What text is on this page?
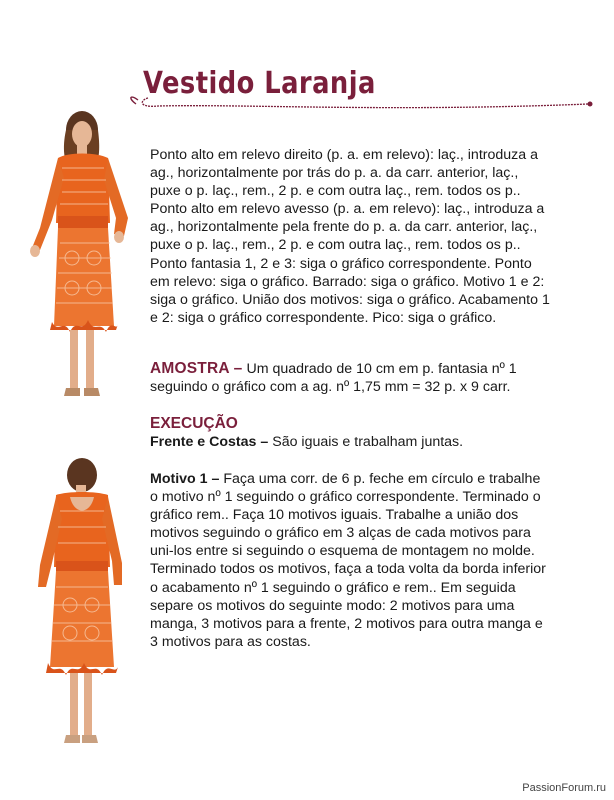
Vestido Laranja
Ponto alto em relevo direito (p. a. em relevo): laç., introduza a ag., horizontalmente por trás do p. a. da carr. anterior, laç., puxe o p. laç., rem., 2 p. e com outra laç., rem. todos os p.. Ponto alto em relevo avesso (p. a. em relevo): laç., introduza a ag., horizontalmente pela frente do p. a. da carr. anterior, laç., puxe o p. laç., rem., 2 p. e com outra laç., rem. todos os p.. Ponto fantasia 1, 2 e 3: siga o gráfico correspondente. Ponto em relevo: siga o gráfico. Barrado: siga o gráfico. Motivo 1 e 2: siga o gráfico. União dos motivos: siga o gráfico. Acabamento 1 e 2: siga o gráfico correspondente. Pico: siga o gráfico.
AMOSTRA – Um quadrado de 10 cm em p. fantasia nº 1 seguindo o gráfico com a ag. nº 1,75 mm = 32 p. x 9 carr.
EXECUÇÃO
Frente e Costas – São iguais e trabalham juntas.
Motivo 1 – Faça uma corr. de 6 p. feche em círculo e trabalhe o motivo nº 1 seguindo o gráfico correspondente. Terminado o gráfico rem.. Faça 10 motivos iguais. Trabalhe a união dos motivos seguindo o gráfico em 3 alças de cada motivos para uni-los entre si seguindo o esquema de montagem no molde. Terminado todos os motivos, faça a toda volta da borda inferior o acabamento nº 1 seguindo o gráfico e rem.. Em seguida separe os motivos do seguinte modo: 2 motivos para uma manga, 3 motivos para a frente, 2 motivos para outra manga e 3 motivos para as costas.
PassionForum.ru
